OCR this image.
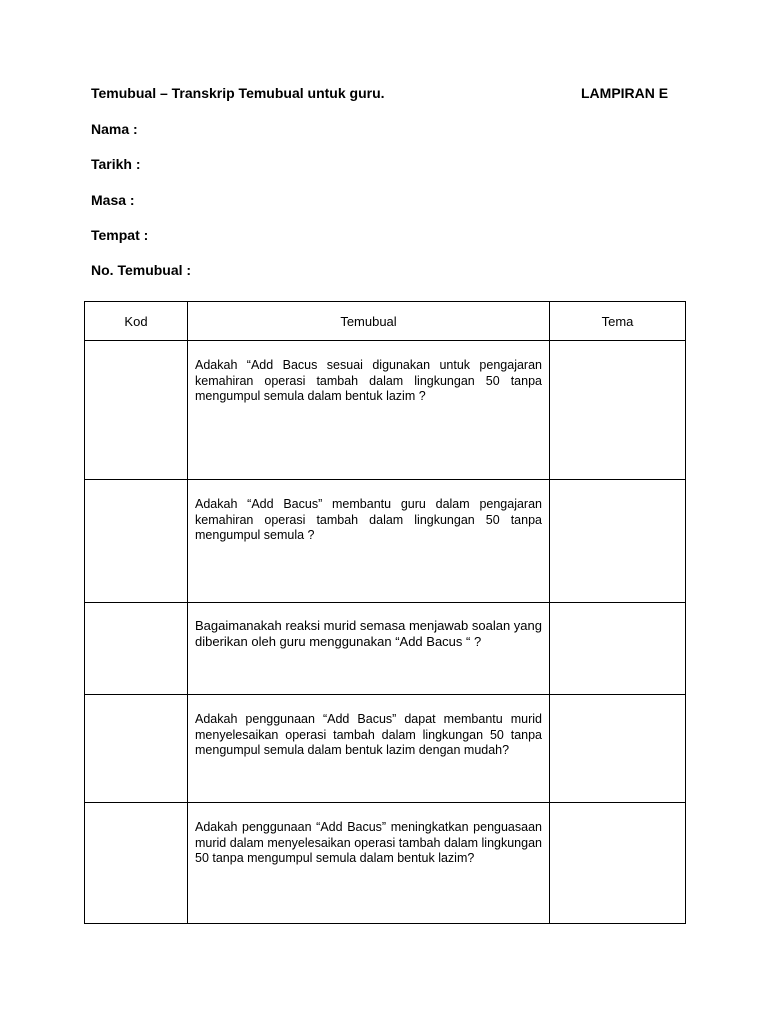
Temubual – Transkrip Temubual untuk guru.	LAMPIRAN E
Nama :
Tarikh :
Masa :
Tempat :
No. Temubual :
Kod	Temubual	Tema

	Adakah “Add Bacus sesuai digunakan untuk pengajaran kemahiran operasi tambah dalam lingkungan 50 tanpa mengumpul semula dalam bentuk lazim ?	

	Adakah “Add Bacus” membantu guru dalam pengajaran kemahiran operasi tambah dalam lingkungan 50 tanpa mengumpul semula ?	

	Bagaimanakah reaksi murid semasa menjawab soalan yang diberikan oleh guru menggunakan “Add Bacus “ ?	

	Adakah penggunaan “Add Bacus” dapat membantu murid menyelesaikan operasi tambah dalam lingkungan 50 tanpa mengumpul semula dalam bentuk lazim dengan mudah?	

	Adakah penggunaan “Add Bacus” meningkatkan penguasaan murid dalam menyelesaikan operasi tambah dalam lingkungan 50 tanpa mengumpul semula dalam bentuk lazim?	
